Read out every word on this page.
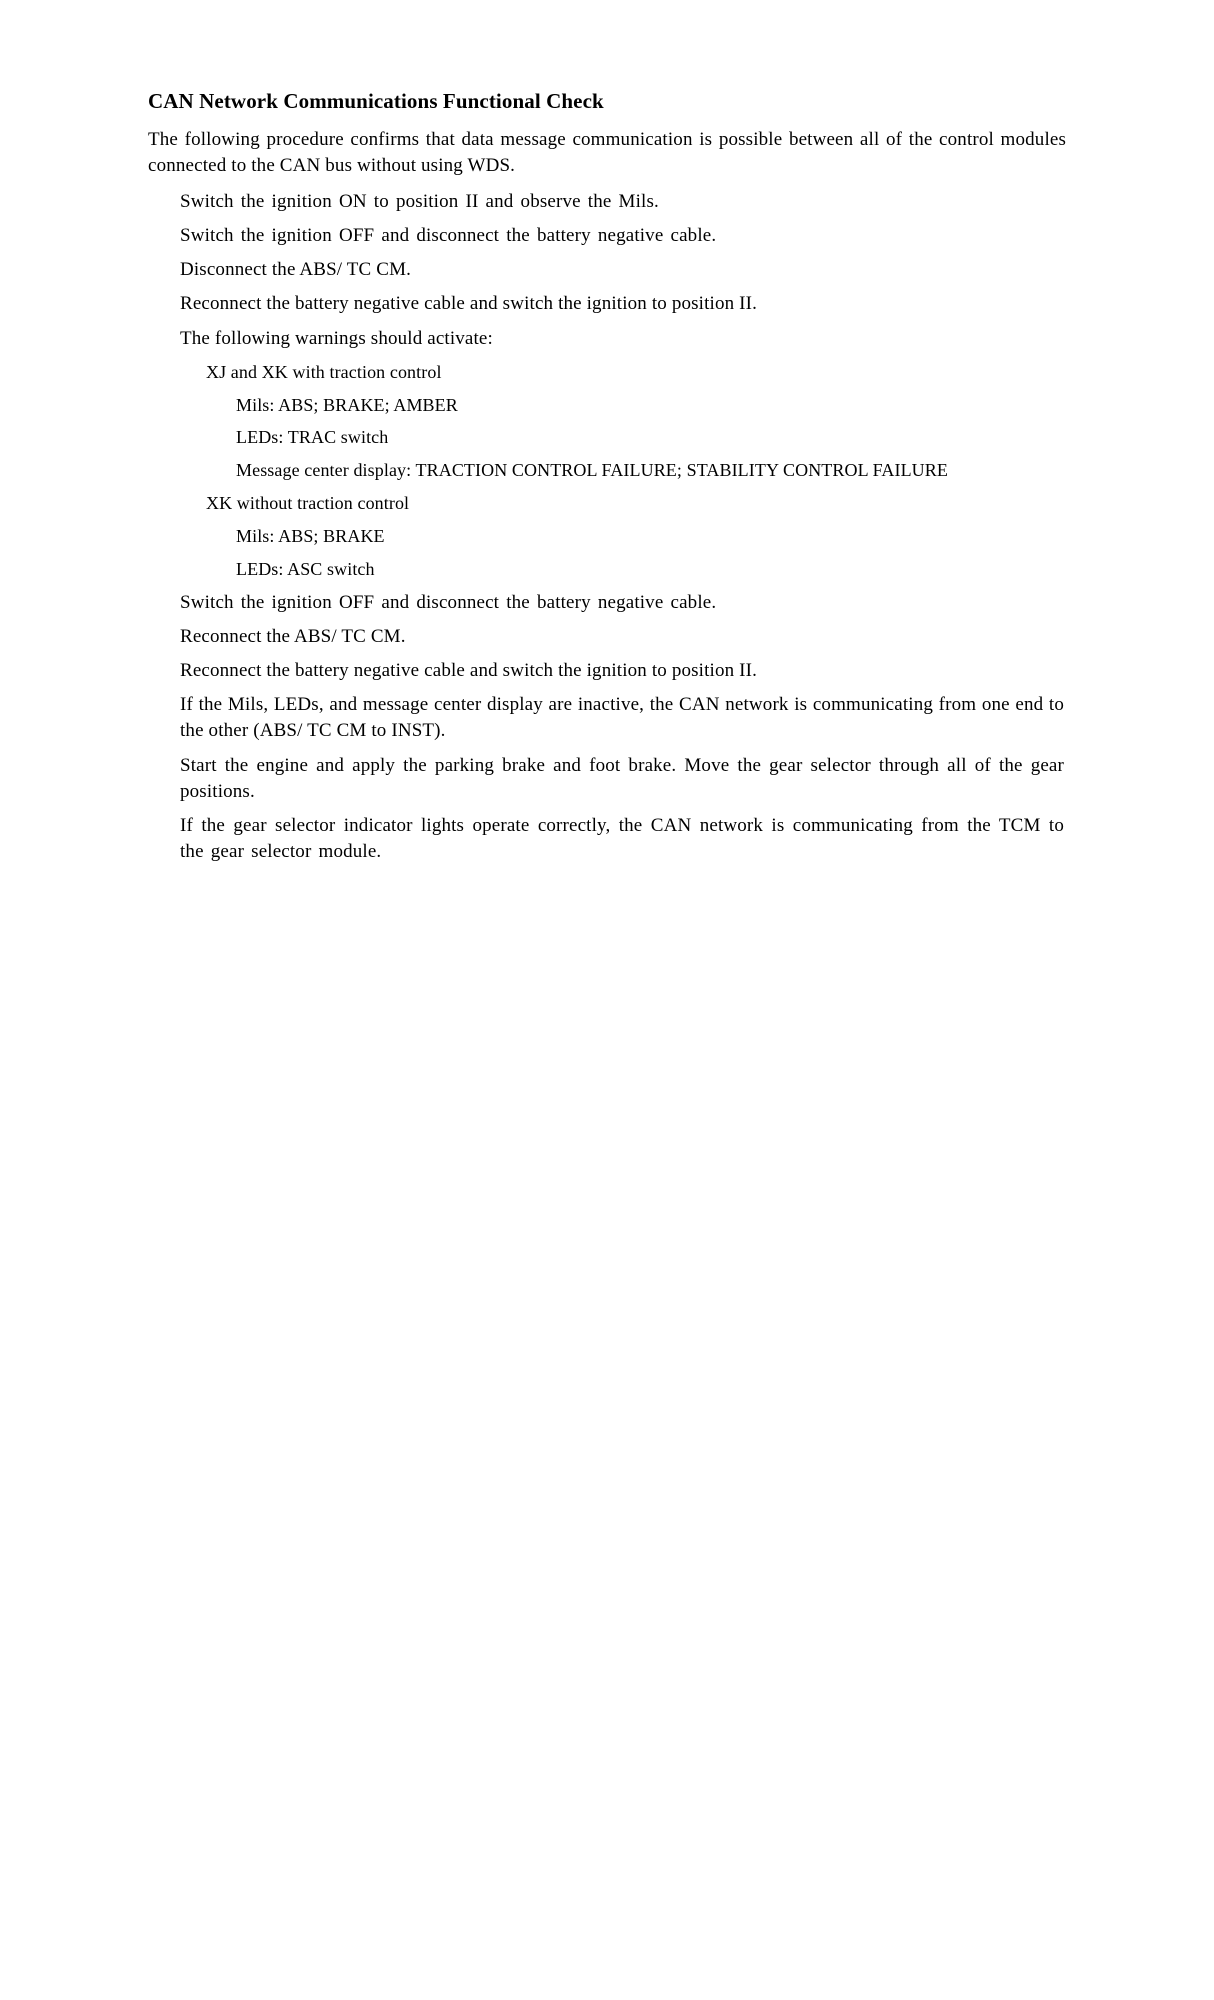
CAN Network Communications Functional Check

The following procedure confirms that data message communication is possible between all of the control modules connected to the CAN bus without using WDS.

Switch the ignition ON to position II and observe the Mils.

Switch the ignition OFF and disconnect the battery negative cable.

Disconnect the ABS/ TC CM.

Reconnect the battery negative cable and switch the ignition to position II.

The following warnings should activate:

XJ and XK with traction control

Mils: ABS; BRAKE; AMBER

LEDs: TRAC switch

Message center display: TRACTION CONTROL FAILURE; STABILITY CONTROL FAILURE

XK without traction control

Mils: ABS; BRAKE

LEDs: ASC switch

Switch the ignition OFF and disconnect the battery negative cable.

Reconnect the ABS/ TC CM.

Reconnect the battery negative cable and switch the ignition to position II.

If the Mils, LEDs, and message center display are inactive, the CAN network is communicating from one end to the other (ABS/ TC CM to INST).

Start the engine and apply the parking brake and foot brake. Move the gear selector through all of the gear positions.

If the gear selector indicator lights operate correctly, the CAN network is communicating from the TCM to the gear selector module.
